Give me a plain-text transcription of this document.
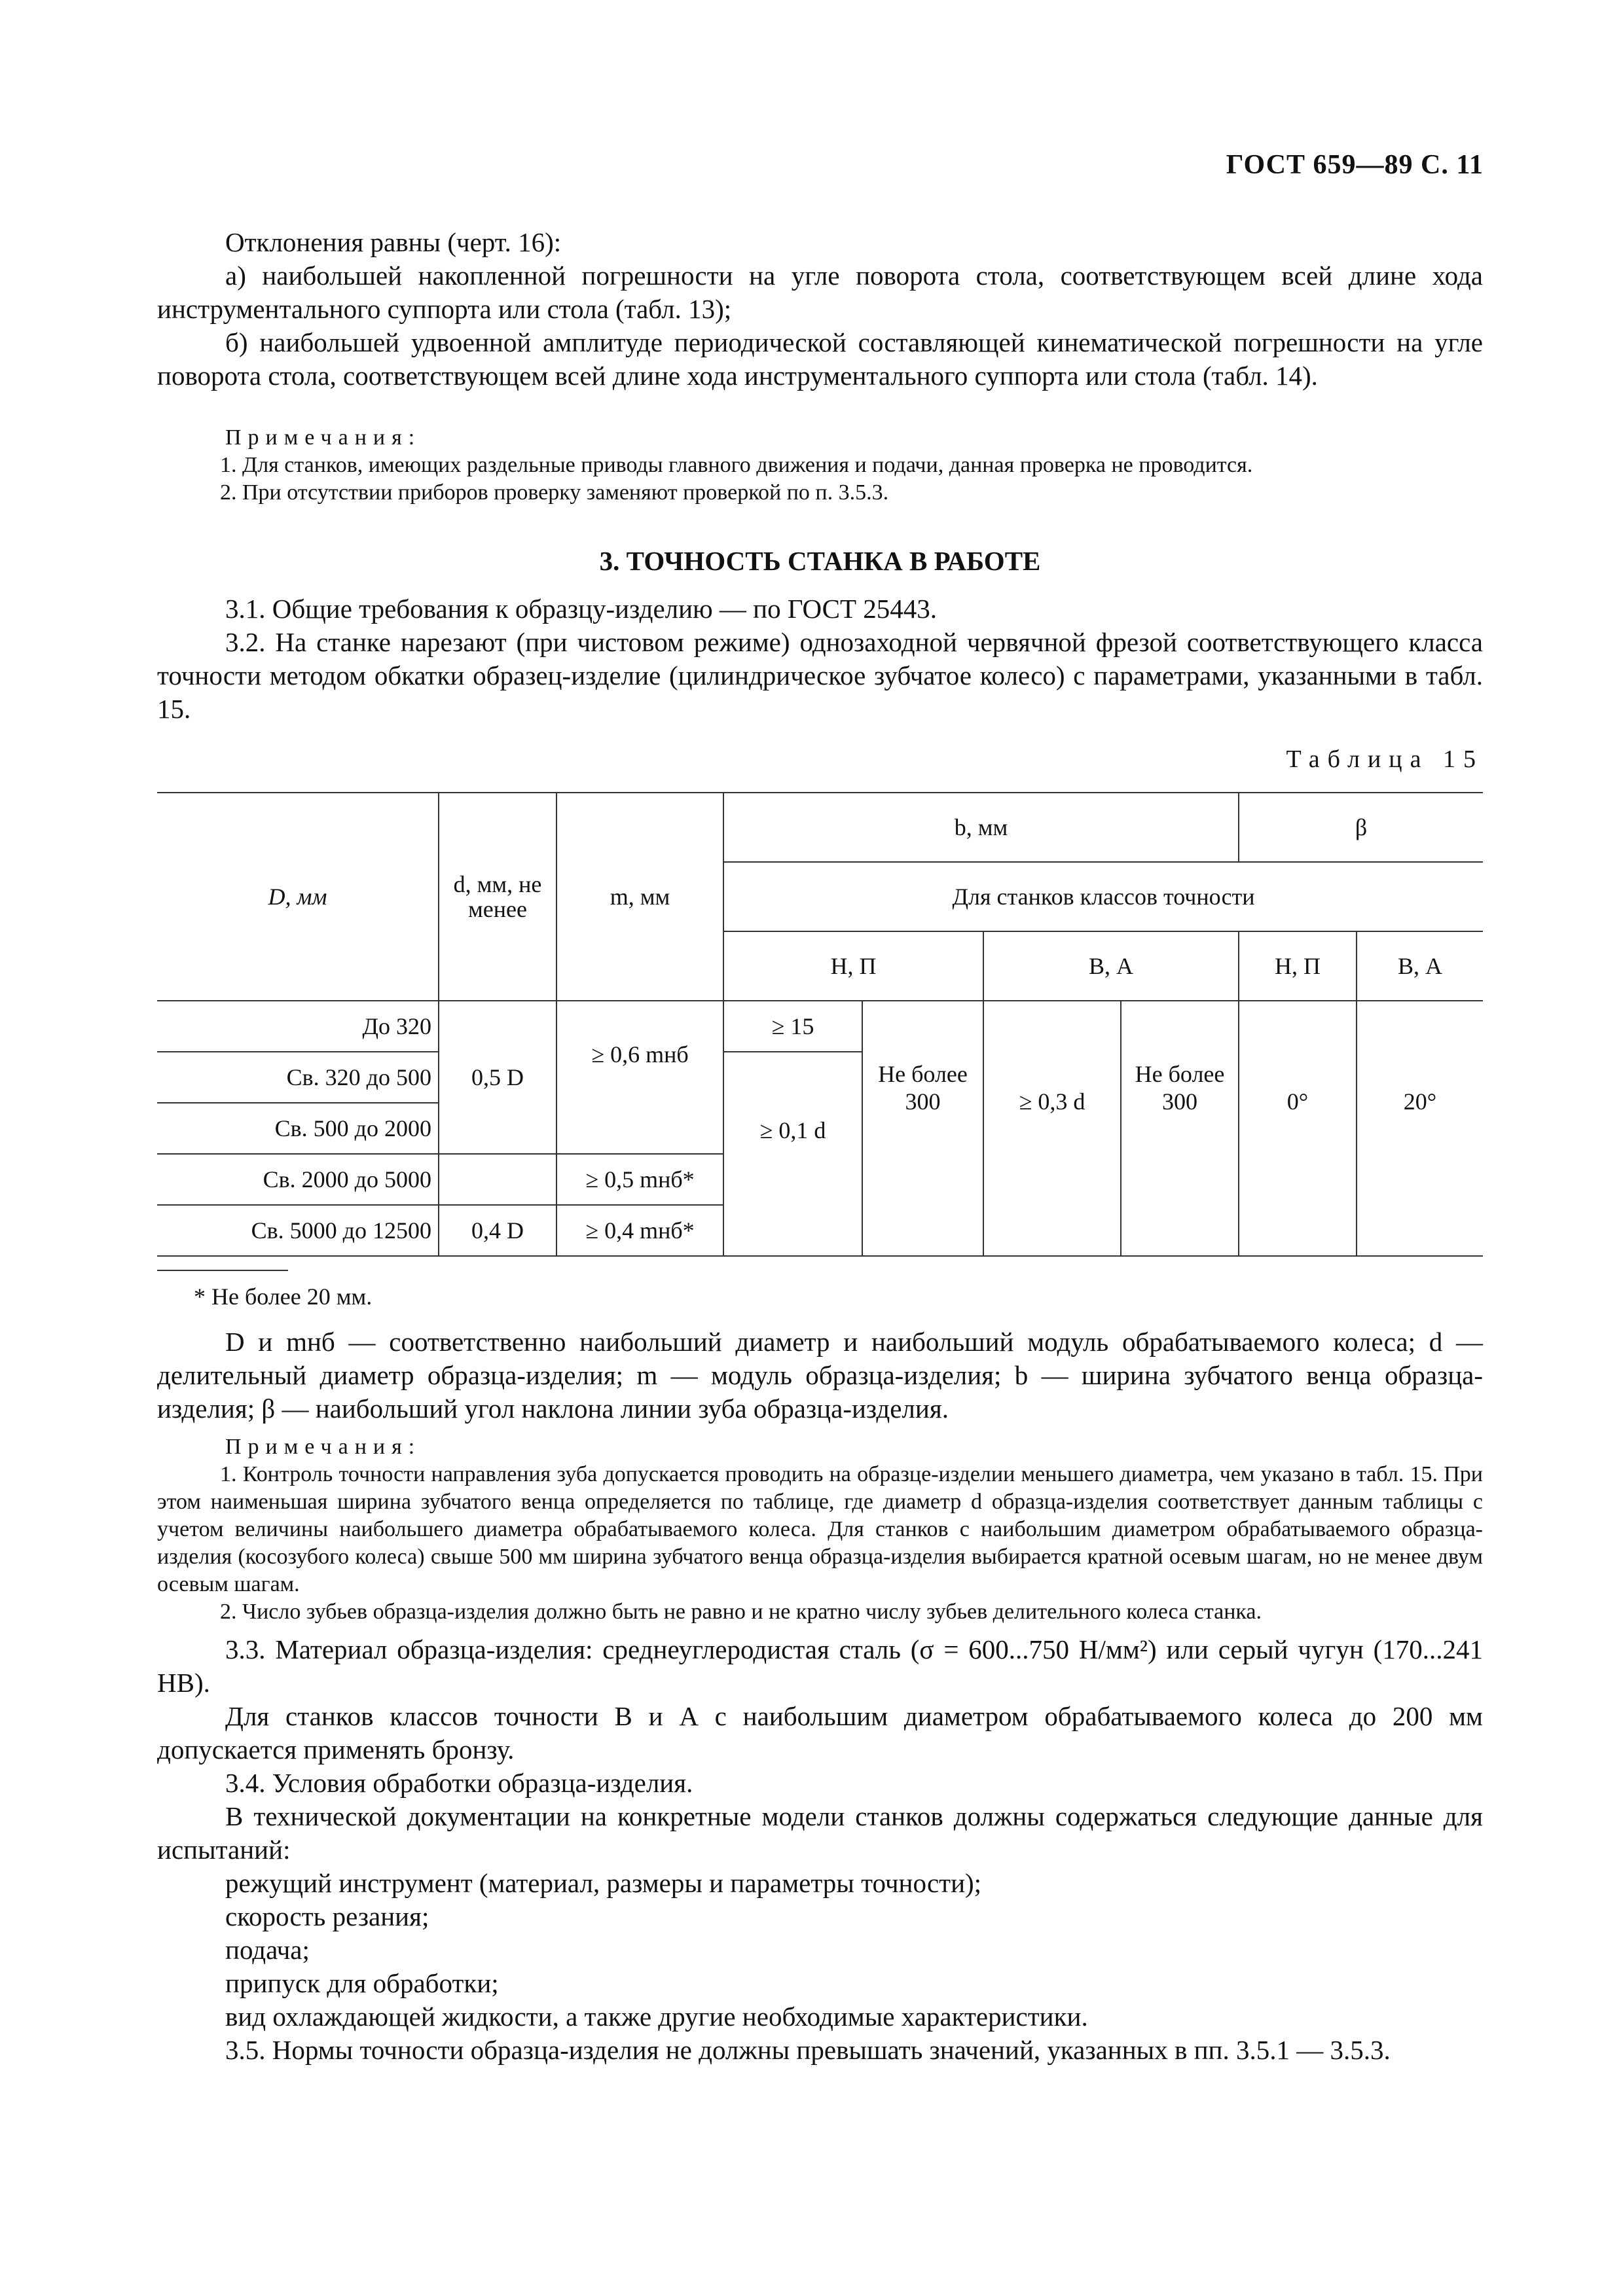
ГОСТ 659—89 С. 11

Отклонения равны (черт. 16):

а) наибольшей накопленной погрешности на угле поворота стола, соответствующем всей длине хода инструментального суппорта или стола (табл. 13);

б) наибольшей удвоенной амплитуде периодической составляющей кинематической погрешности на угле поворота стола, соответствующем всей длине хода инструментального суппорта или стола (табл. 14).

Примечания:

1. Для станков, имеющих раздельные приводы главного движения и подачи, данная проверка не проводится.

2. При отсутствии приборов проверку заменяют проверкой по п. 3.5.3.

3. ТОЧНОСТЬ СТАНКА В РАБОТЕ

3.1. Общие требования к образцу-изделию — по ГОСТ 25443.

3.2. На станке нарезают (при чистовом режиме) однозаходной червячной фрезой соответствующего класса точности методом обкатки образец-изделие (цилиндрическое зубчатое колесо) с параметрами, указанными в табл. 15.

Таблица 15
D, мм	d, мм, не менее	m, мм	b, мм				β	
			Для станков классов точности					
			Н, П		В, А		Н, П	В, А
До 320	0,5 D	≥ 0,6 mнб	≥ 15	Не более 300	≥ 0,3 d	Не более 300	0°	20°
Св. 320 до 500			≥ 0,1 d					
Св. 500 до 2000								
Св. 2000 до 5000		≥ 0,5 mнб*						
Св. 5000 до 12500	0,4 D	≥ 0,4 mнб*						
* Не более 20 мм.

D и mнб — соответственно наибольший диаметр и наибольший модуль обрабатываемого колеса; d — делительный диаметр образца-изделия; m — модуль образца-изделия; b — ширина зубчатого венца образца-изделия; β — наибольший угол наклона линии зуба образца-изделия.

Примечания:

1. Контроль точности направления зуба допускается проводить на образце-изделии меньшего диаметра, чем указано в табл. 15. При этом наименьшая ширина зубчатого венца определяется по таблице, где диаметр d образца-изделия соответствует данным таблицы с учетом величины наибольшего диаметра обрабатываемого колеса. Для станков с наибольшим диаметром обрабатываемого образца-изделия (косозубого колеса) свыше 500 мм ширина зубчатого венца образца-изделия выбирается кратной осевым шагам, но не менее двум осевым шагам.

2. Число зубьев образца-изделия должно быть не равно и не кратно числу зубьев делительного колеса станка.

3.3. Материал образца-изделия: среднеуглеродистая сталь (σ = 600...750 Н/мм²) или серый чугун (170...241 НВ).

Для станков классов точности В и А с наибольшим диаметром обрабатываемого колеса до 200 мм допускается применять бронзу.

3.4. Условия обработки образца-изделия.

В технической документации на конкретные модели станков должны содержаться следующие данные для испытаний:

режущий инструмент (материал, размеры и параметры точности);

скорость резания;

подача;

припуск для обработки;

вид охлаждающей жидкости, а также другие необходимые характеристики.

3.5. Нормы точности образца-изделия не должны превышать значений, указанных в пп. 3.5.1 — 3.5.3.
